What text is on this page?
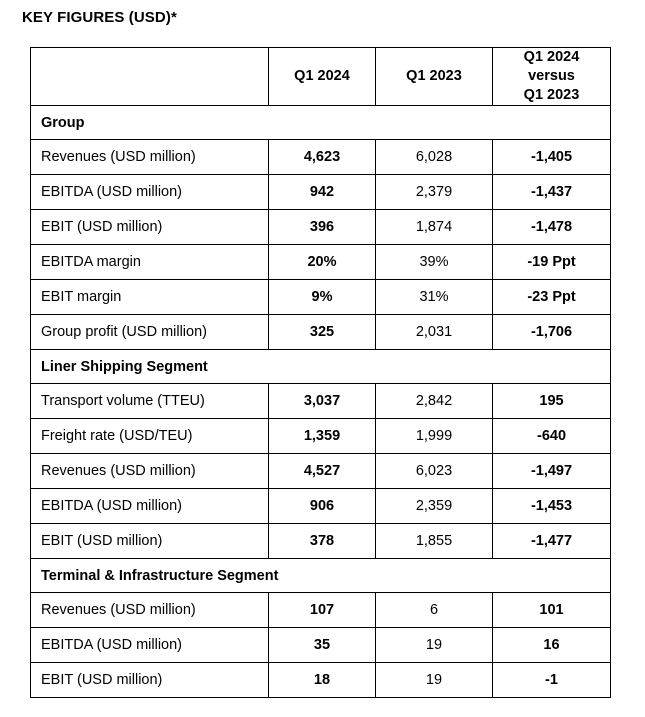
KEY FIGURES (USD)*
	Q1 2024	Q1 2023	Q1 2024
versus
Q1 2023
Group			
Revenues (USD million)	4,623	6,028	-1,405
EBITDA (USD million)	942	2,379	-1,437
EBIT (USD million)	396	1,874	-1,478
EBITDA margin	20%	39%	-19 Ppt
EBIT margin	9%	31%	-23 Ppt
Group profit (USD million)	325	2,031	-1,706
Liner Shipping Segment			
Transport volume (TTEU)	3,037	2,842	195
Freight rate (USD/TEU)	1,359	1,999	-640
Revenues (USD million)	4,527	6,023	-1,497
EBITDA (USD million)	906	2,359	-1,453
EBIT (USD million)	378	1,855	-1,477
Terminal & Infrastructure Segment			
Revenues (USD million)	107	6	101
EBITDA (USD million)	35	19	16
EBIT (USD million)	18	19	-1
